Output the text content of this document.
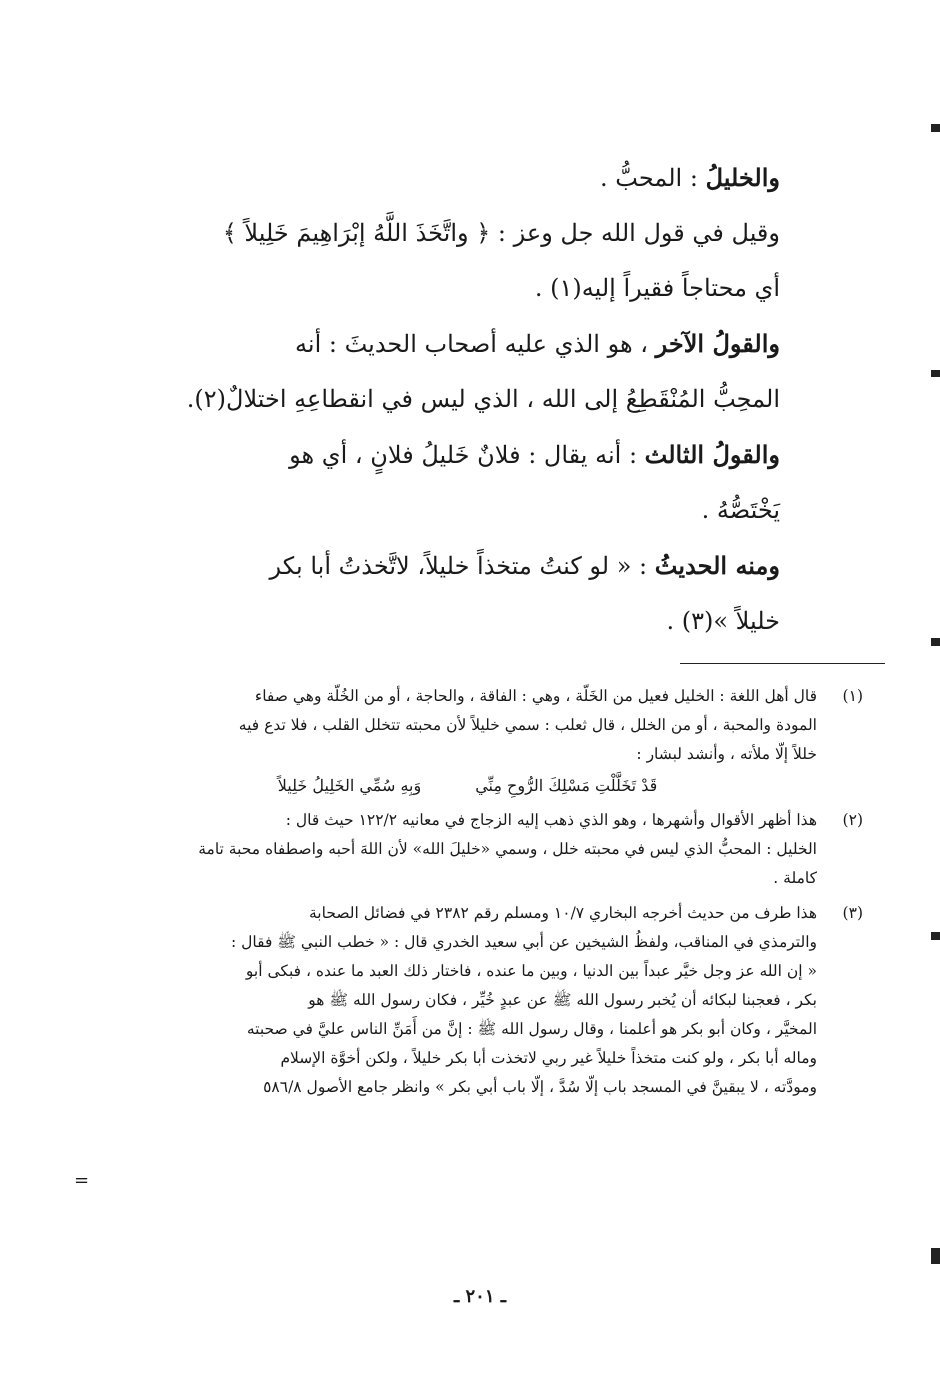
والخليلُ : المحبُّ .

وقيل في قول الله جل وعز : ﴿ واتَّخَذَ اللَّهُ إبْرَاهِيمَ خَلِيلاً ﴾

أي محتاجاً فقيراً إليه(١) .

والقولُ الآخر ، هو الذي عليه أصحاب الحديثَ : أنه

المحِبُّ المُنْقَطِعُ إلى الله ، الذي ليس في انقطاعِهِ اختلالٌ(٢).

والقولُ الثالث : أنه يقال : فلانٌ خَليلُ فلانٍ ، أي هو

يَخْتَصُّهُ .

ومنه الحديثُ : « لو كنتُ متخذاً خليلاً، لاتَّخذتُ أبا بكر

خليلاً »(٣) .

(١)
قال أهل اللغة : الخليل فعيل من الخَلّة ، وهي : الفاقة ، والحاجة ، أو من الخُلّة وهي صفاء
المودة والمحبة ، أو من الخلل ، قال ثعلب : سمي خليلاً لأن محبته تتخلل القلب ، فلا تدع فيه
خللاً إلّا ملأته ، وأنشد لبشار :
قَدْ تَخَلَّلْتِ مَسْلِكَ الرُّوحِ مِنِّي
وَبِهِ سُمِّي الخَلِيلُ خَلِيلاً
(٢)
هذا أظهر الأقوال وأشهرها ، وهو الذي ذهب إليه الزجاج في معانيه ١٢٢/٢ حيث قال :
الخليل : المحبُّ الذي ليس في محبته خلل ، وسمي «خليلَ الله» لأن اللهَ أحبه واصطفاه محبة تامة
كاملة .
(٣)
هذا طرف من حديث أخرجه البخاري ١٠/٧ ومسلم رقم ٢٣٨٢ في فضائل الصحابة
والترمذي في المناقب، ولفظُ الشيخين عن أبي سعيد الخدري قال : « خطب النبي ﷺ فقال :
« إن الله عز وجل خيَّر عبداً بين الدنيا ، وبين ما عنده ، فاختار ذلك العبد ما عنده ، فبكى أبو
بكر ، فعجبنا لبكائه أن يُخبر رسول الله ﷺ عن عبدٍ خُيِّر ، فكان رسول الله ﷺ هو
المخيَّر ، وكان أبو بكر هو أعلمنا ، وقال رسول الله ﷺ : إنَّ من أَمَنِّ الناس عليَّ في صحبته
وماله أبا بكر ، ولو كنت متخذاً خليلاً غير ربي لاتخذت أبا بكر خليلاً ، ولكن أخوَّة الإسلام
ومودَّته ، لا يبقينَّ في المسجد باب إلّا سُدَّ ، إلّا باب أبي بكر » وانظر جامع الأصول ٥٨٦/٨
=
ـ ٢٠١ ـ
